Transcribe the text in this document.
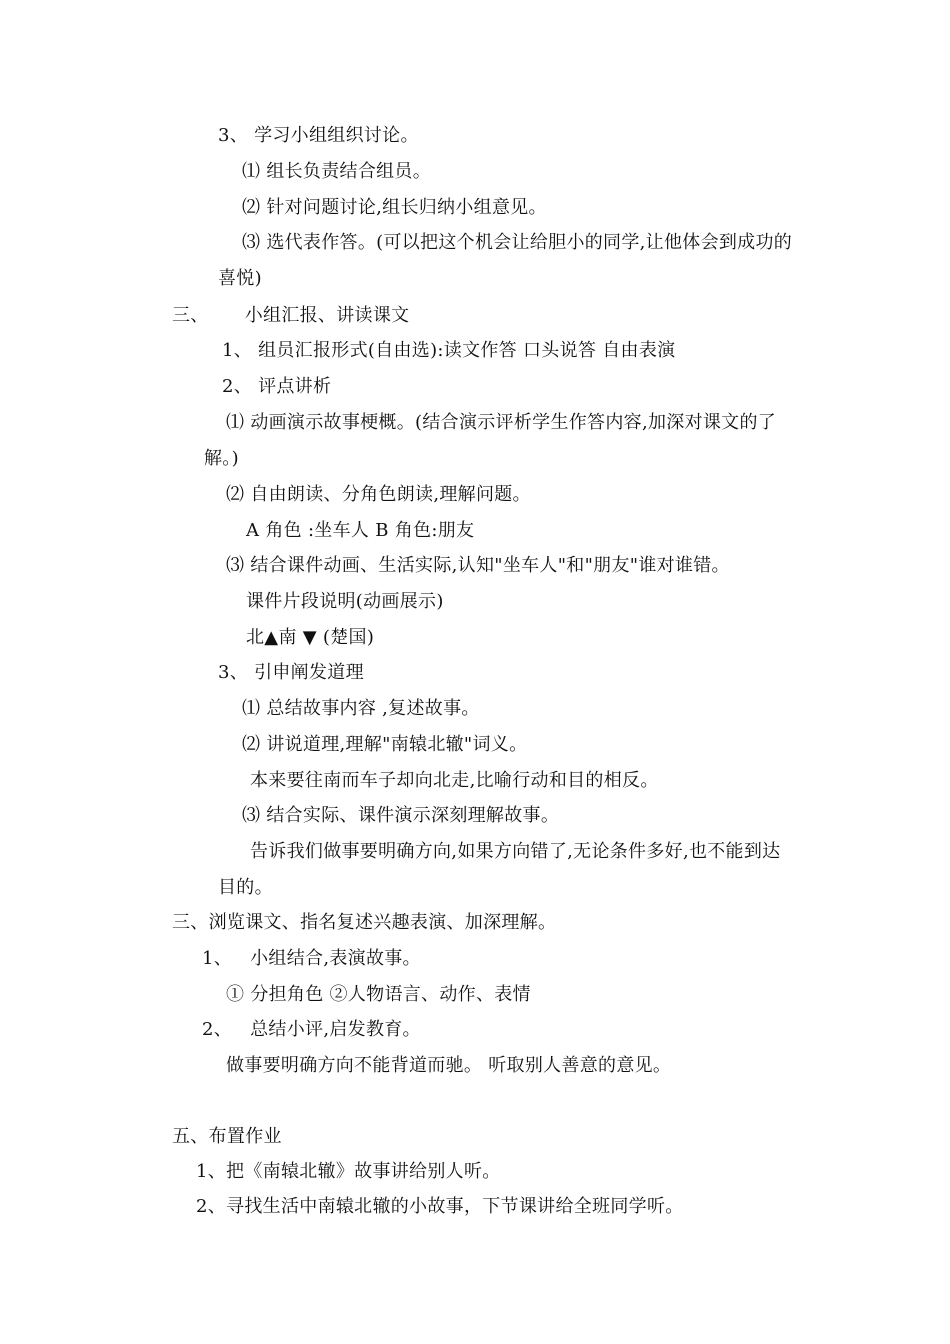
3、 学习小组组织讨论。
⑴ 组长负责结合组员。
⑵ 针对问题讨论,组长归纳小组意见。
⑶ 选代表作答。(可以把这个机会让给胆小的同学,让他体会到成功的
喜悦)
三、      小组汇报、讲读课文
1、 组员汇报形式(自由选):读文作答 口头说答 自由表演
2、 评点讲析
⑴ 动画演示故事梗概。(结合演示评析学生作答内容,加深对课文的了
解。)
⑵ 自由朗读、分角色朗读,理解问题。
A 角色 :坐车人 B 角色:朋友
⑶ 结合课件动画、生活实际,认知"坐车人"和"朋友"谁对谁错。
课件片段说明(动画展示)
北▲南 ▼ (楚国)
3、 引申阐发道理
⑴ 总结故事内容 ,复述故事。
⑵ 讲说道理,理解"南辕北辙"词义。
本来要往南而车子却向北走,比喻行动和目的相反。
⑶ 结合实际、课件演示深刻理解故事。
告诉我们做事要明确方向,如果方向错了,无论条件多好,也不能到达
目的。
三、浏览课文、指名复述兴趣表演、加深理解。
1、   小组结合,表演故事。
① 分担角色 ②人物语言、动作、表情
2、   总结小评,启发教育。
做事要明确方向不能背道而驰。 听取别人善意的意见。
五、布置作业
1、把《南辕北辙》故事讲给别人听。
2、寻找生活中南辕北辙的小故事，下节课讲给全班同学听。
